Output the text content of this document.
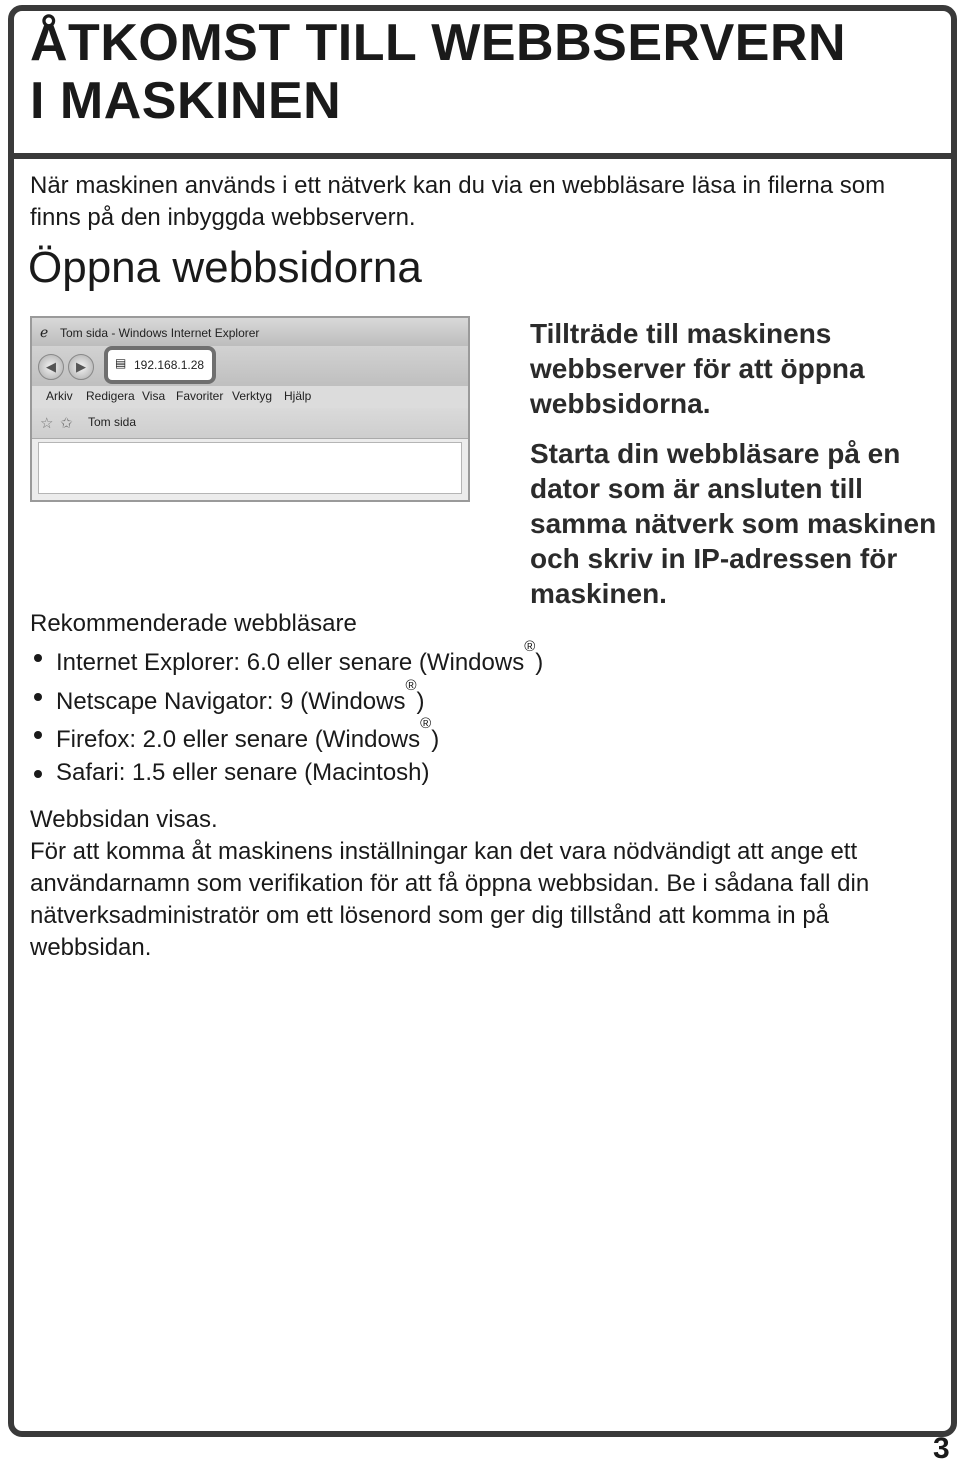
ÅTKOMST TILL WEBBSERVERN
I MASKINEN

När maskinen används i ett nätverk kan du via en webbläsare läsa in filerna som finns på den inbyggda webbservern.

Öppna webbsidorna
ℯ Tom sida - Windows Internet Explorer
◀	▶	▤ 192.168.1.28
Arkiv Redigera Visa Favoriter Verktyg Hjälp
☆ ✩ Tom sida

Tillträde till maskinens webbserver för att öppna webbsidorna.

Starta din webbläsare på en dator som är ansluten till samma nätverk som maskinen och skriv in IP-adressen för maskinen.

Rekommenderade webbläsare

Internet Explorer: 6.0 eller senare (Windows®)
Netscape Navigator: 9 (Windows®)
Firefox: 2.0 eller senare (Windows®)
Safari: 1.5 eller senare (Macintosh)

Webbsidan visas.

För att komma åt maskinens inställningar kan det vara nödvändigt att ange ett användarnamn som verifikation för att få öppna webbsidan. Be i sådana fall din nätverksadministratör om ett lösenord som ger dig tillstånd att komma in på webbsidan.

3
